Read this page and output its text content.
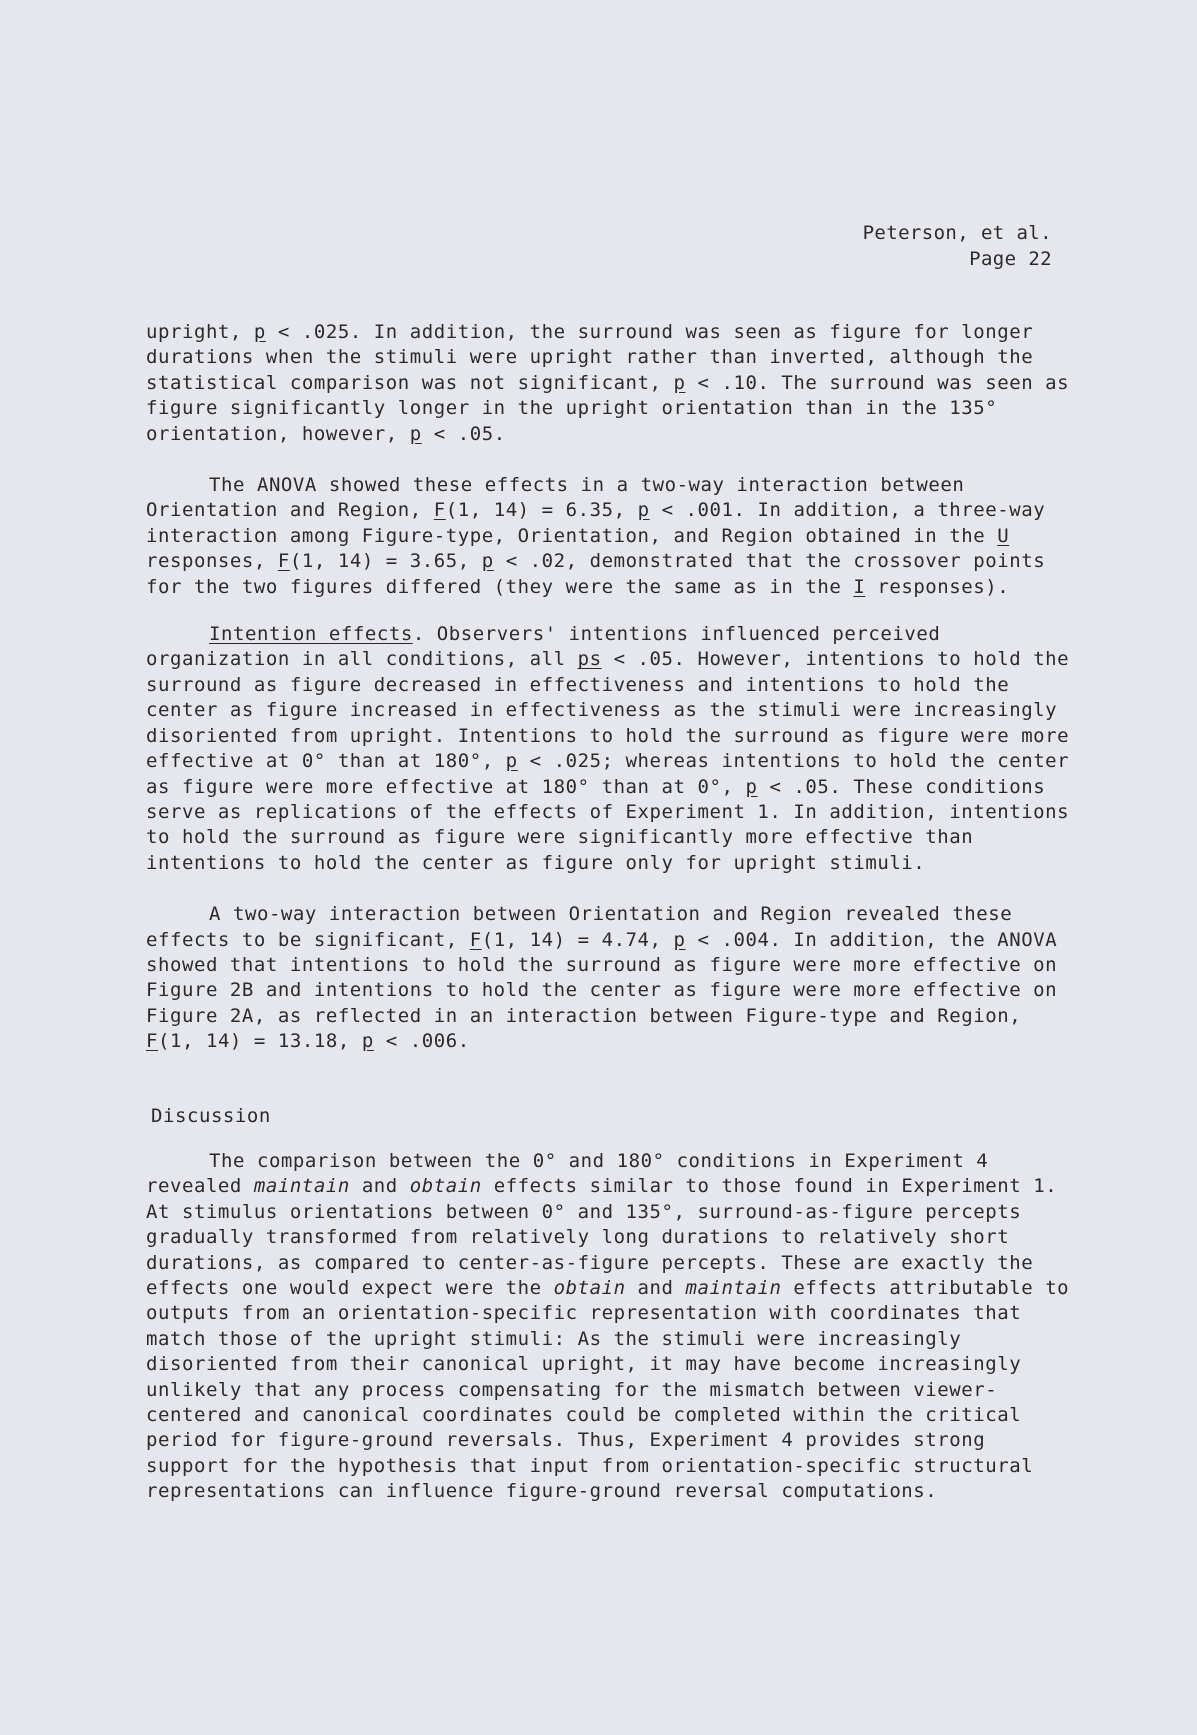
Peterson, et al.
Page 22

upright, p < .025. In addition, the surround was seen as figure for longer durations when the stimuli were upright rather than inverted, although the statistical comparison was not significant, p < .10. The surround was seen as figure significantly longer in the upright orientation than in the 135° orientation, however, p < .05.

The ANOVA showed these effects in a two-way interaction between Orientation and Region, F(1, 14) = 6.35, p < .001. In addition, a three-way interaction among Figure-type, Orientation, and Region obtained in the U responses, F(1, 14) = 3.65, p < .02, demonstrated that the crossover points for the two figures differed (they were the same as in the I responses).

Intention effects. Observers' intentions influenced perceived organization in all conditions, all ps < .05. However, intentions to hold the surround as figure decreased in effectiveness and intentions to hold the center as figure increased in effectiveness as the stimuli were increasingly disoriented from upright. Intentions to hold the surround as figure were more effective at 0° than at 180°, p < .025; whereas intentions to hold the center as figure were more effective at 180° than at 0°, p < .05. These conditions serve as replications of the effects of Experiment 1. In addition, intentions to hold the surround as figure were significantly more effective than intentions to hold the center as figure only for upright stimuli.

A two-way interaction between Orientation and Region revealed these effects to be significant, F(1, 14) = 4.74, p < .004. In addition, the ANOVA showed that intentions to hold the surround as figure were more effective on Figure 2B and intentions to hold the center as figure were more effective on Figure 2A, as reflected in an interaction between Figure-type and Region, F(1, 14) = 13.18, p < .006.

Discussion

The comparison between the 0° and 180° conditions in Experiment 4 revealed maintain and obtain effects similar to those found in Experiment 1. At stimulus orientations between 0° and 135°, surround-as-figure percepts gradually transformed from relatively long durations to relatively short durations, as compared to center-as-figure percepts. These are exactly the effects one would expect were the obtain and maintain effects attributable to outputs from an orientation-specific representation with coordinates that match those of the upright stimuli: As the stimuli were increasingly disoriented from their canonical upright, it may have become increasingly unlikely that any process compensating for the mismatch between viewer-centered and canonical coordinates could be completed within the critical period for figure-ground reversals. Thus, Experiment 4 provides strong support for the hypothesis that input from orientation-specific structural representations can influence figure-ground reversal computations.
